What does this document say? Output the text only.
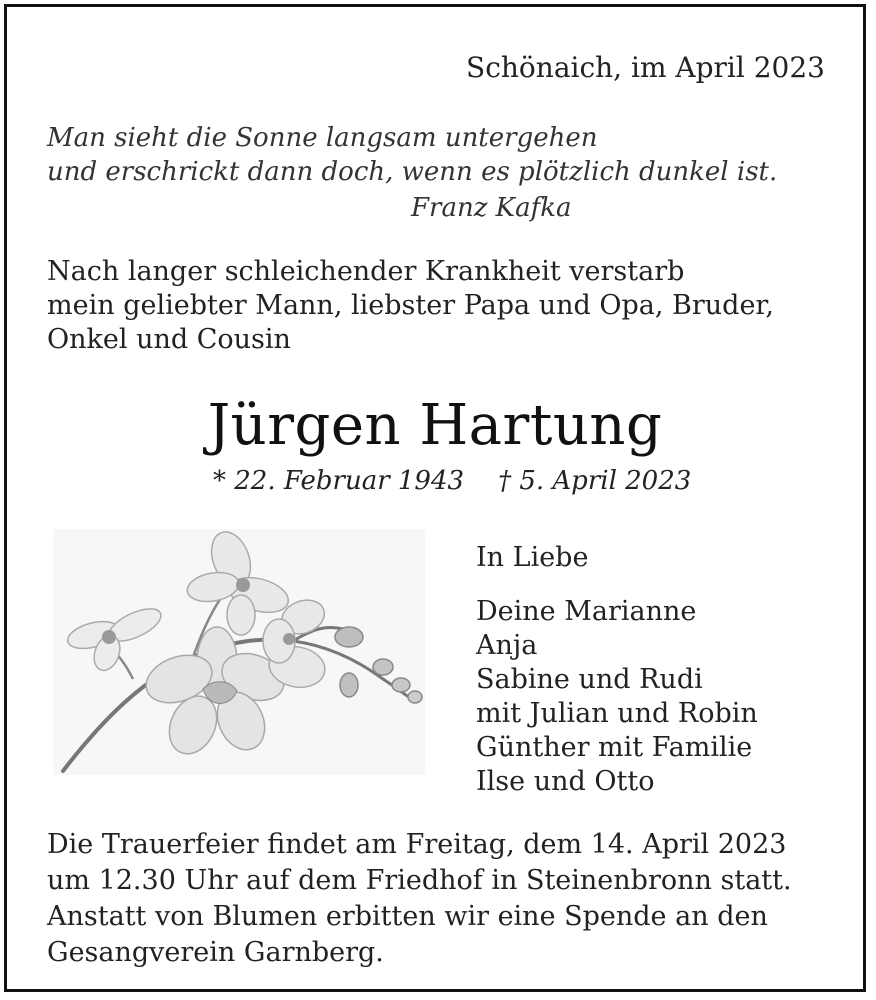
Schönaich, im April 2023
Man sieht die Sonne langsam untergehen
und erschrickt dann doch, wenn es plötzlich dunkel ist.
Franz Kafka
Nach langer schleichender Krankheit verstarb
mein geliebter Mann, liebster Papa und Opa, Bruder,
Onkel und Cousin
Jürgen Hartung
* 22. Februar 1943 † 5. April 2023
In Liebe
Deine Marianne
Anja
Sabine und Rudi
mit Julian und Robin
Günther mit Familie
Ilse und Otto
Die Trauerfeier findet am Freitag, dem 14. April 2023
um 12.30 Uhr auf dem Friedhof in Steinenbronn statt.
Anstatt von Blumen erbitten wir eine Spende an den
Gesangverein Garnberg.
